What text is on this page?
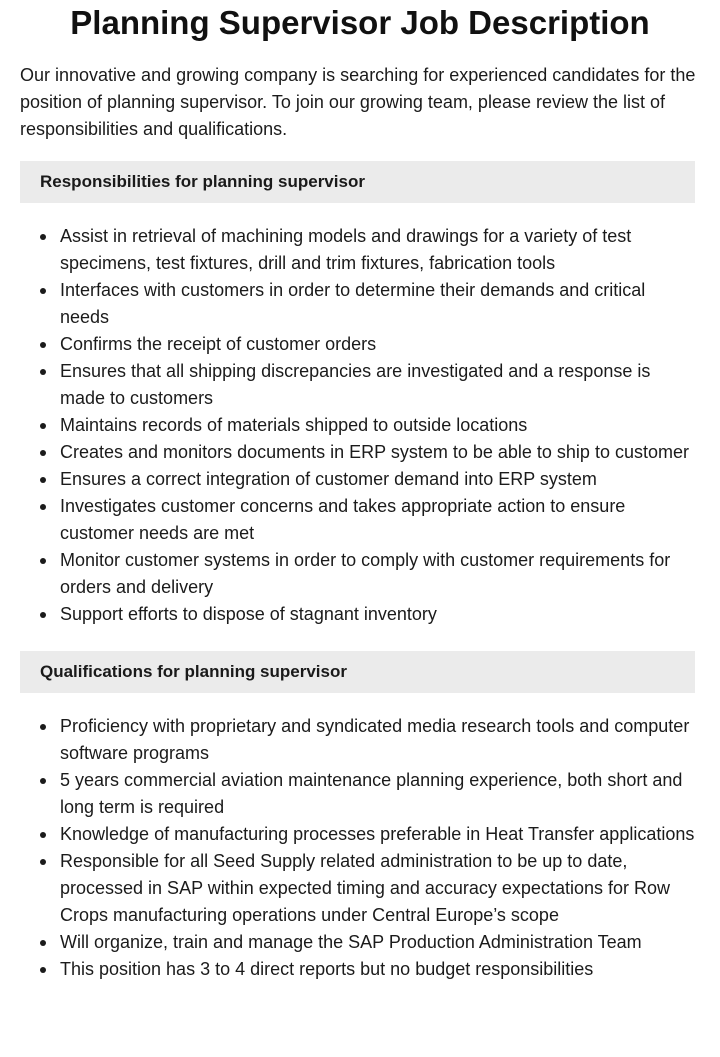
Planning Supervisor Job Description

Our innovative and growing company is searching for experienced candidates for the position of planning supervisor. To join our growing team, please review the list of responsibilities and qualifications.

Responsibilities for planning supervisor
Assist in retrieval of machining models and drawings for a variety of test specimens, test fixtures, drill and trim fixtures, fabrication tools
Interfaces with customers in order to determine their demands and critical needs
Confirms the receipt of customer orders
Ensures that all shipping discrepancies are investigated and a response is made to customers
Maintains records of materials shipped to outside locations
Creates and monitors documents in ERP system to be able to ship to customer
Ensures a correct integration of customer demand into ERP system
Investigates customer concerns and takes appropriate action to ensure customer needs are met
Monitor customer systems in order to comply with customer requirements for orders and delivery
Support efforts to dispose of stagnant inventory
Qualifications for planning supervisor
Proficiency with proprietary and syndicated media research tools and computer software programs
5 years commercial aviation maintenance planning experience, both short and long term is required
Knowledge of manufacturing processes preferable in Heat Transfer applications
Responsible for all Seed Supply related administration to be up to date, processed in SAP within expected timing and accuracy expectations for Row Crops manufacturing operations under Central Europe’s scope
Will organize, train and manage the SAP Production Administration Team
This position has 3 to 4 direct reports but no budget responsibilities
